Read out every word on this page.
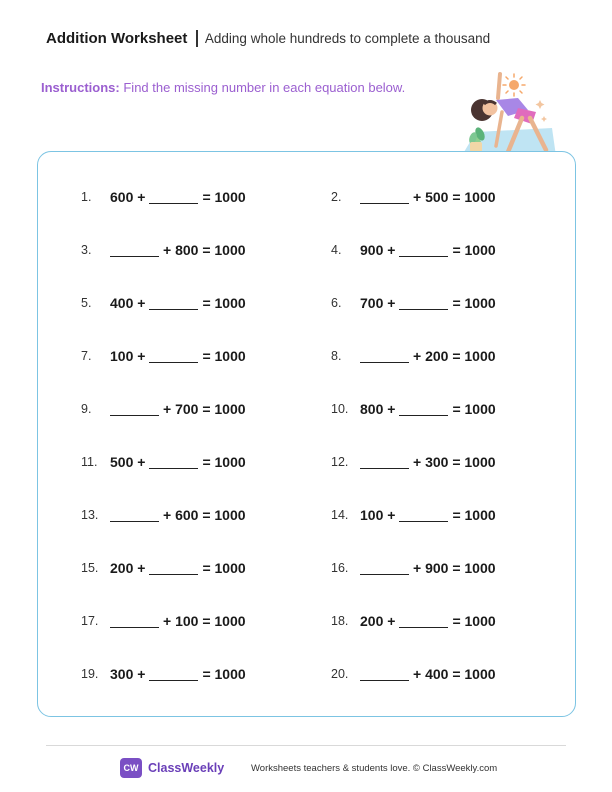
Addition Worksheet Adding whole hundreds to complete a thousand
Instructions: Find the missing number in each equation below.
1.	600 +	= 1000	2.	+ 500 = 1000
3.	+ 800 = 1000	4.	900 +	= 1000
5.	400 +	= 1000	6.	700 +	= 1000
7.	100 +	= 1000	8.	+ 200 = 1000
9.	+ 700 = 1000	10. 800 +	= 1000
11. 500 +	= 1000	12.	+ 300 = 1000
13.	+ 600 = 1000	14. 100 +	= 1000
15. 200 +	= 1000	16.	+ 900 = 1000
17.	+ 100 = 1000	18. 200 +	= 1000
19. 300 +	= 1000	20.	+ 400 = 1000
CW ClassWeekly	Worksheets teachers & students love. © ClassWeekly.com
